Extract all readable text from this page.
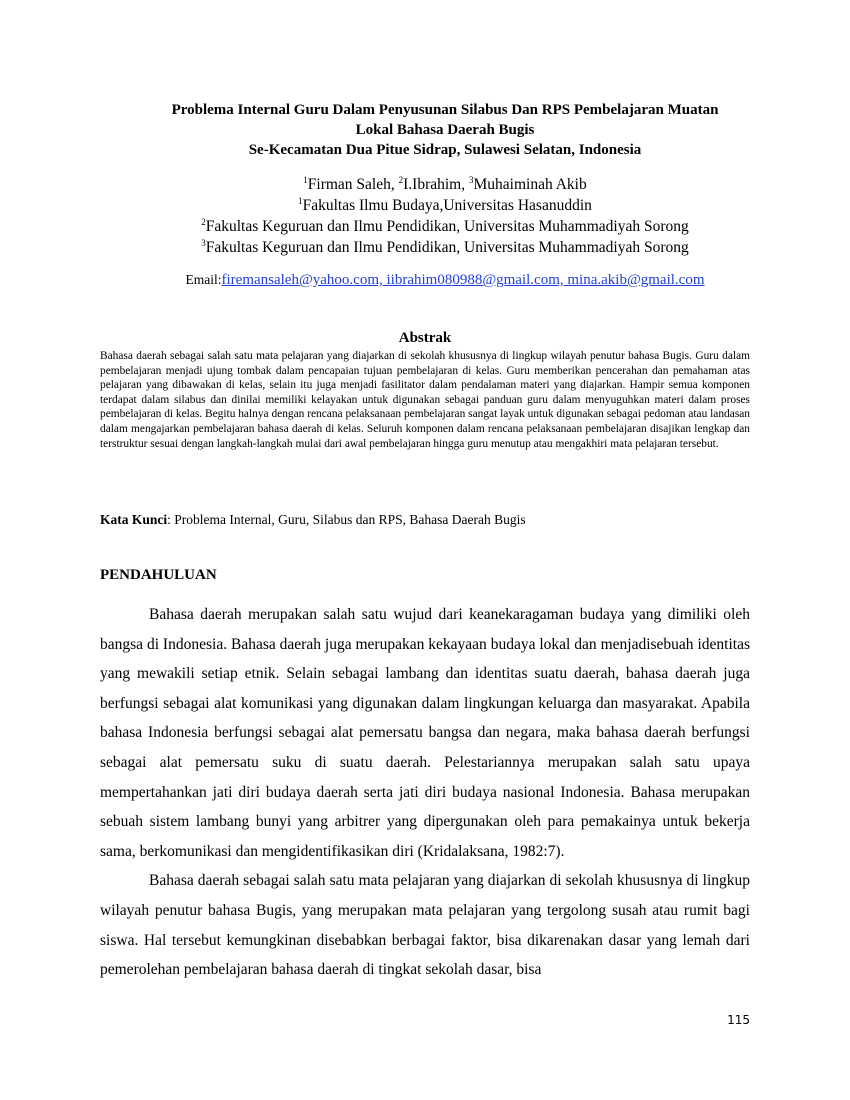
Problema Internal Guru Dalam Penyusunan Silabus Dan RPS Pembelajaran Muatan
Lokal Bahasa Daerah Bugis
Se-Kecamatan Dua Pitue Sidrap, Sulawesi Selatan, Indonesia
$^1$Firman Saleh, $^2$I.Ibrahim, $^3$Muhaiminah Akib
$^1$Fakultas Ilmu Budaya,Universitas Hasanuddin
$^2$Fakultas Keguruan dan Ilmu Pendidikan, Universitas Muhammadiyah Sorong
$^3$Fakultas Keguruan dan Ilmu Pendidikan, Universitas Muhammadiyah Sorong
Email:firemansaleh@yahoo.com, iibrahim080988@gmail.com, mina.akib@gmail.com
Abstrak
Bahasa daerah sebagai salah satu mata pelajaran yang diajarkan di sekolah khususnya di lingkup wilayah penutur bahasa Bugis. Guru dalam pembelajaran menjadi ujung tombak dalam pencapaian tujuan pembelajaran di kelas. Guru memberikan pencerahan dan pemahaman atas pelajaran yang dibawakan di kelas, selain itu juga menjadi fasilitator dalam pendalaman materi yang diajarkan. Hampir semua komponen terdapat dalam silabus dan dinilai memiliki kelayakan untuk digunakan sebagai panduan guru dalam menyuguhkan materi dalam proses pembelajaran di kelas. Begitu halnya dengan rencana pelaksanaan pembelajaran sangat layak untuk digunakan sebagai pedoman atau landasan dalam mengajarkan pembelajaran bahasa daerah di kelas. Seluruh komponen dalam rencana pelaksanaan pembelajaran disajikan lengkap dan terstruktur sesuai dengan langkah-langkah mulai dari awal pembelajaran hingga guru menutup atau mengakhiri mata pelajaran tersebut.
Kata Kunci: Problema Internal, Guru, Silabus dan RPS, Bahasa Daerah Bugis
PENDAHULUAN

Bahasa daerah merupakan salah satu wujud dari keanekaragaman budaya yang dimiliki oleh bangsa di Indonesia. Bahasa daerah juga merupakan kekayaan budaya lokal dan menjadisebuah identitas yang mewakili setiap etnik. Selain sebagai lambang dan identitas suatu daerah, bahasa daerah juga berfungsi sebagai alat komunikasi yang digunakan dalam lingkungan keluarga dan masyarakat. Apabila bahasa Indonesia berfungsi sebagai alat pemersatu bangsa dan negara, maka bahasa daerah berfungsi sebagai alat pemersatu suku di suatu daerah. Pelestariannya merupakan salah satu upaya mempertahankan jati diri budaya daerah serta jati diri budaya nasional Indonesia. Bahasa merupakan sebuah sistem lambang bunyi yang arbitrer yang dipergunakan oleh para pemakainya untuk bekerja sama, berkomunikasi dan mengidentifikasikan diri (Kridalaksana, 1982:7).

Bahasa daerah sebagai salah satu mata pelajaran yang diajarkan di sekolah khususnya di lingkup wilayah penutur bahasa Bugis, yang merupakan mata pelajaran yang tergolong susah atau rumit bagi siswa. Hal tersebut kemungkinan disebabkan berbagai faktor, bisa dikarenakan dasar yang lemah dari pemerolehan pembelajaran bahasa daerah di tingkat sekolah dasar, bisa

115
